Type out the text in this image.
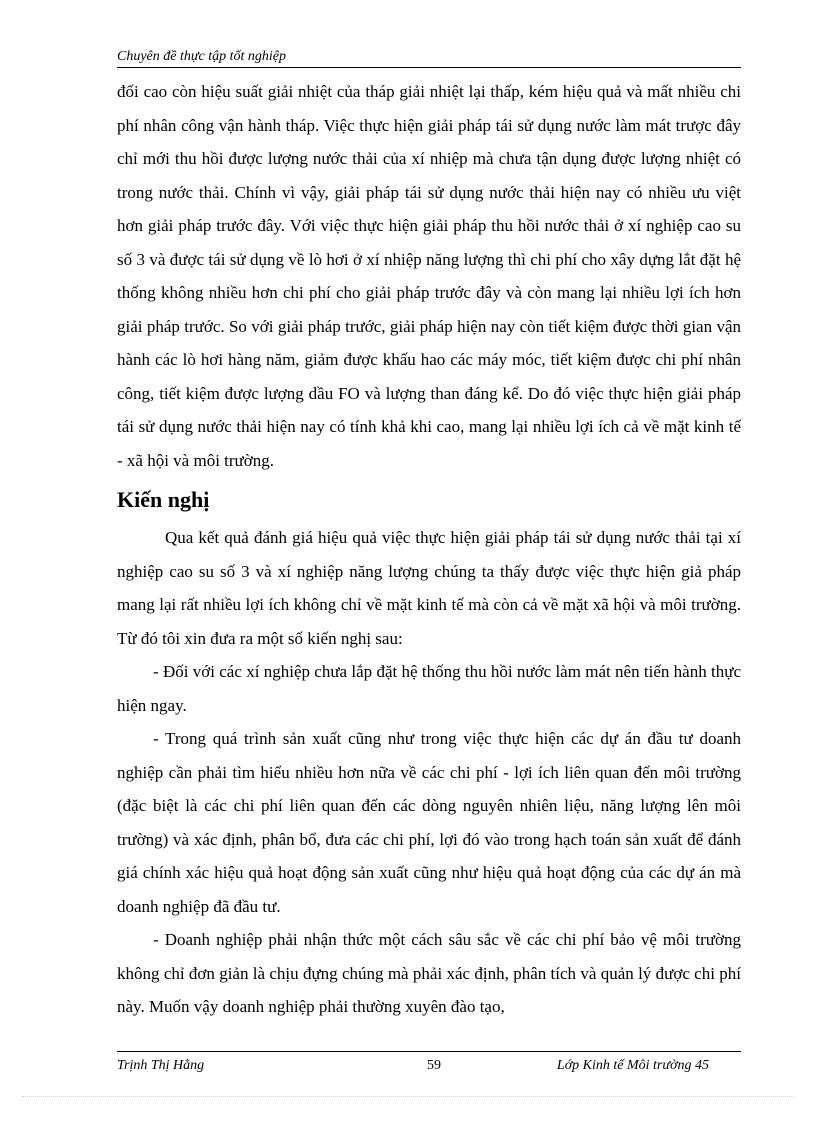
Chuyên đề thực tập tốt nghiệp

đối cao còn hiệu suất giải nhiệt của tháp giải nhiệt lại thấp, kém hiệu quả và mất nhiều chi phí nhân công vận hành tháp. Việc thực hiện giải pháp tái sử dụng nước làm mát trược đây chỉ mới thu hồi được lượng nước thải của xí nhiệp mà chưa tận dụng được lượng nhiệt có trong nước thải. Chính vì vậy, giải pháp tái sử dụng nước thải hiện nay có nhiều ưu việt hơn giải pháp trước đây. Với việc thực hiện giải pháp thu hồi nước thải ở xí nghiệp cao su số 3 và được tái sử dụng về lò hơi ở xí nhiệp năng lượng thì chi phí cho xây dựng lắt đặt hệ thống không nhiều hơn chi phí cho giải pháp trước đây và còn mang lại nhiều lợi ích hơn giải pháp trước. So với giải pháp trước, giải pháp hiện nay còn tiết kiệm được thời gian vận hành các lò hơi hàng năm, giảm được khấu hao các máy móc, tiết kiệm được chi phí nhân công, tiết kiệm được lượng dầu FO và lượng than đáng kể. Do đó việc thực hiện giải pháp tái sử dụng nước thải hiện nay có tính khả khi cao, mang lại nhiều lợi ích cả về mặt kinh tế - xã hội và môi trường.

Kiến nghị

Qua kết quả đánh giá hiệu quả việc thực hiện giải pháp tái sử dụng nước thải tại xí nghiệp cao su số 3 và xí nghiệp năng lượng chúng ta thấy được việc thực hiện giả pháp mang lại rất nhiều lợi ích không chỉ về mặt kinh tế mà còn cả về mặt xã hội và môi trường. Từ đó tôi xin đưa ra một số kiến nghị sau:

- Đối với các xí nghiệp chưa lắp đặt hệ thống thu hồi nước làm mát nên tiến hành thực hiện ngay.

- Trong quá trình sản xuất cũng như trong việc thực hiện các dự án đầu tư doanh nghiệp cần phải tìm hiểu nhiều hơn nữa về các chi phí - lợi ích liên quan đến môi trường (đặc biệt là các chi phí liên quan đến các dòng nguyên nhiên liệu, năng lượng lên môi trường) và xác định, phân bổ, đưa các chi phí, lợi đó vào trong hạch toán sản xuất để đánh giá chính xác hiệu quả hoạt động sản xuất cũng như hiệu quả hoạt động của các dự án mà doanh nghiệp đã đầu tư.

- Doanh nghiệp phải nhận thức một cách sâu sắc về các chi phí bảo vệ môi trường không chỉ đơn giản là chịu đựng chúng mà phải xác định, phân tích và quản lý được chi phí này. Muốn vậy doanh nghiệp phải thường xuyên đào tạo,

Trịnh Thị Hằng	59	Lớp Kinh tế Môi trường 45
